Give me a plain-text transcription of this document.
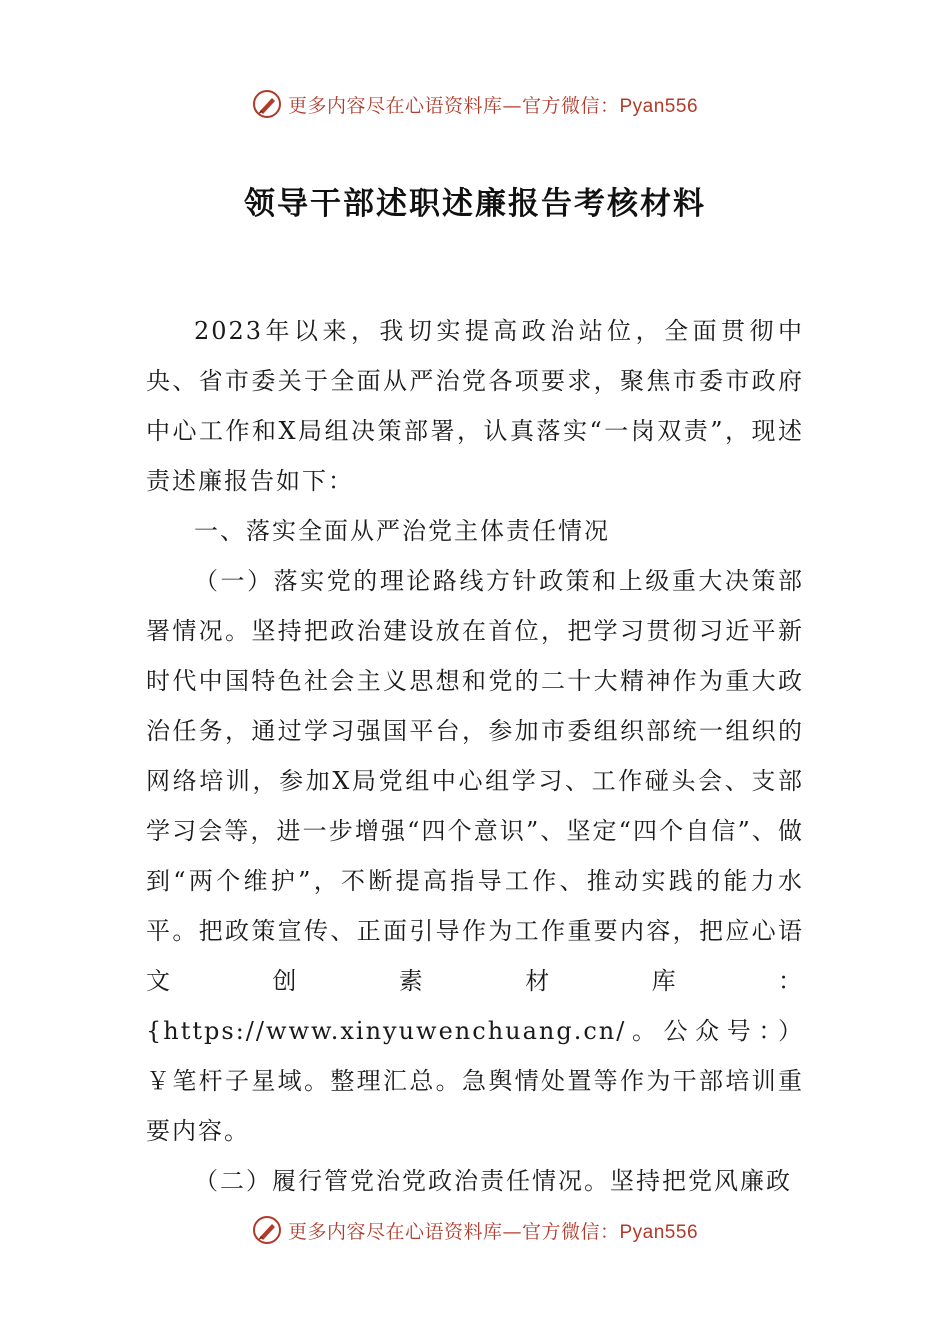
更多内容尽在心语资料库—官方微信：Pyan556
领导干部述职述廉报告考核材料

2023年以来，我切实提高政治站位，全面贯彻中央、省市委关于全面从严治党各项要求，聚焦市委市政府中心工作和X局组决策部署，认真落实“一岗双责”，现述责述廉报告如下：

一、落实全面从严治党主体责任情况

（一）落实党的理论路线方针政策和上级重大决策部署情况。坚持把政治建设放在首位，把学习贯彻习近平新时代中国特色社会主义思想和党的二十大精神作为重大政治任务，通过学习强国平台，参加市委组织部统一组织的网络培训，参加X局党组中心组学习、工作碰头会、支部学习会等，进一步增强“四个意识”、坚定“四个自信”、做到“两个维护”，不断提高指导工作、推动实践的能力水平。把政策宣传、正面引导作为工作重要内容，把应心语文创素材库：{https://www.xinyuwenchuang.cn/。公众号：）￥笔杆子星域。整理汇总。急舆情处置等作为干部培训重要内容。

（二）履行管党治党政治责任情况。坚持把党风廉政

更多内容尽在心语资料库—官方微信：Pyan556
